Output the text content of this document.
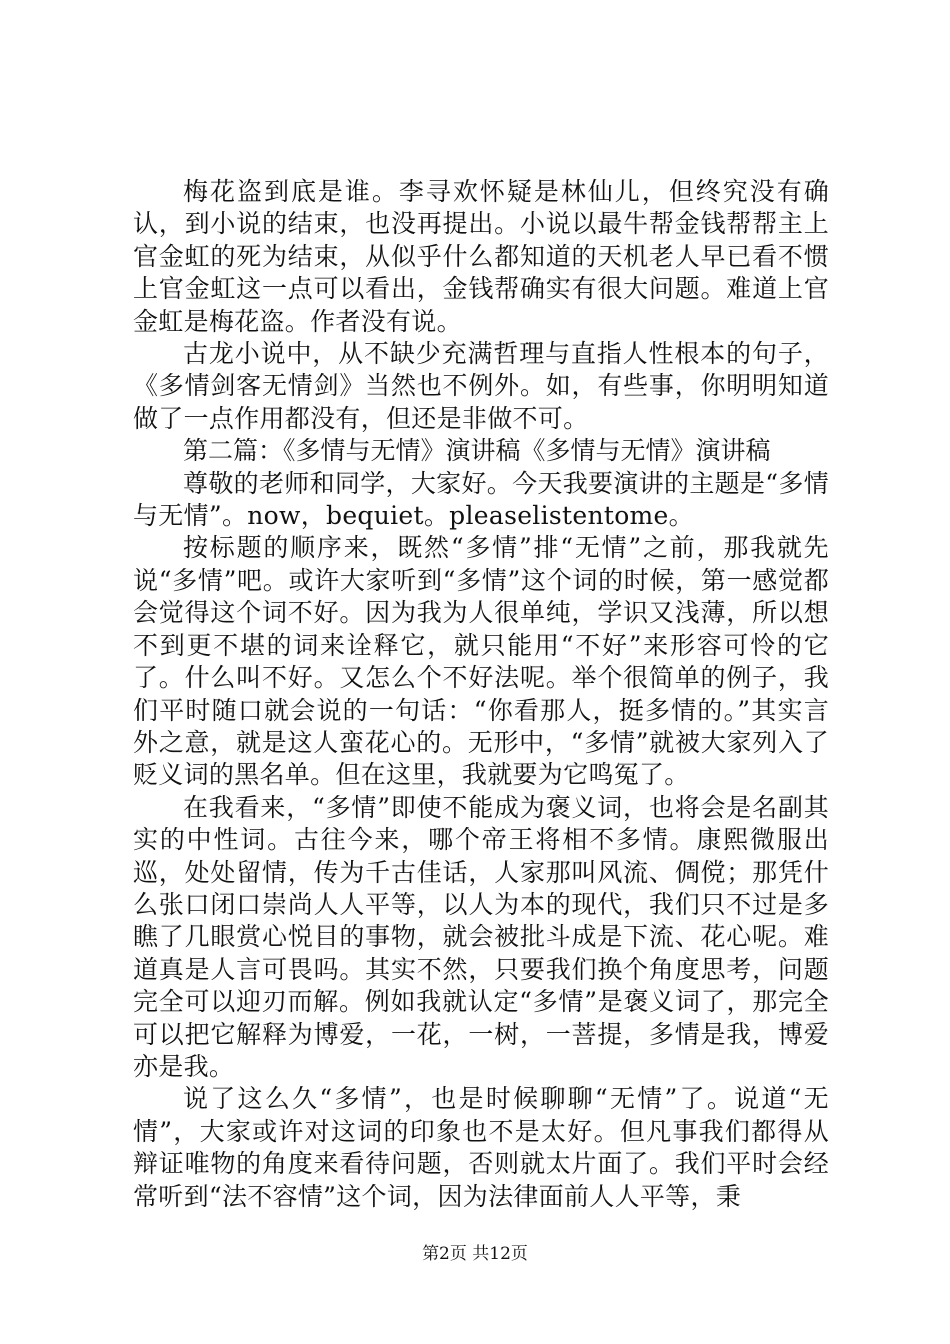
梅花盗到底是谁。李寻欢怀疑是林仙儿，但终究没有确认，到小说的结束，也没再提出。小说以最牛帮金钱帮帮主上官金虹的死为结束，从似乎什么都知道的天机老人早已看不惯上官金虹这一点可以看出，金钱帮确实有很大问题。难道上官金虹是梅花盗。作者没有说。

古龙小说中，从不缺少充满哲理与直指人性根本的句子，《多情剑客无情剑》当然也不例外。如，有些事，你明明知道做了一点作用都没有，但还是非做不可。

第二篇：《多情与无情》演讲稿《多情与无情》演讲稿

尊敬的老师和同学，大家好。今天我要演讲的主题是“多情与无情”。now，bequiet。pleaselistentome。

按标题的顺序来，既然“多情”排“无情”之前，那我就先说“多情”吧。或许大家听到“多情”这个词的时候，第一感觉都会觉得这个词不好。因为我为人很单纯，学识又浅薄，所以想不到更不堪的词来诠释它，就只能用“不好”来形容可怜的它了。什么叫不好。又怎么个不好法呢。举个很简单的例子，我们平时随口就会说的一句话：“你看那人，挺多情的。”其实言外之意，就是这人蛮花心的。无形中，“多情”就被大家列入了贬义词的黑名单。但在这里，我就要为它鸣冤了。

在我看来，“多情”即使不能成为褒义词，也将会是名副其实的中性词。古往今来，哪个帝王将相不多情。康熙微服出巡，处处留情，传为千古佳话，人家那叫风流、倜傥；那凭什么张口闭口崇尚人人平等，以人为本的现代，我们只不过是多瞧了几眼赏心悦目的事物，就会被批斗成是下流、花心呢。难道真是人言可畏吗。其实不然，只要我们换个角度思考，问题完全可以迎刃而解。例如我就认定“多情”是褒义词了，那完全可以把它解释为博爱，一花，一树，一菩提，多情是我，博爱亦是我。

说了这么久“多情”，也是时候聊聊“无情”了。说道“无情”，大家或许对这词的印象也不是太好。但凡事我们都得从辩证唯物的角度来看待问题，否则就太片面了。我们平时会经常听到“法不容情”这个词，因为法律面前人人平等，秉

第2页 共12页
